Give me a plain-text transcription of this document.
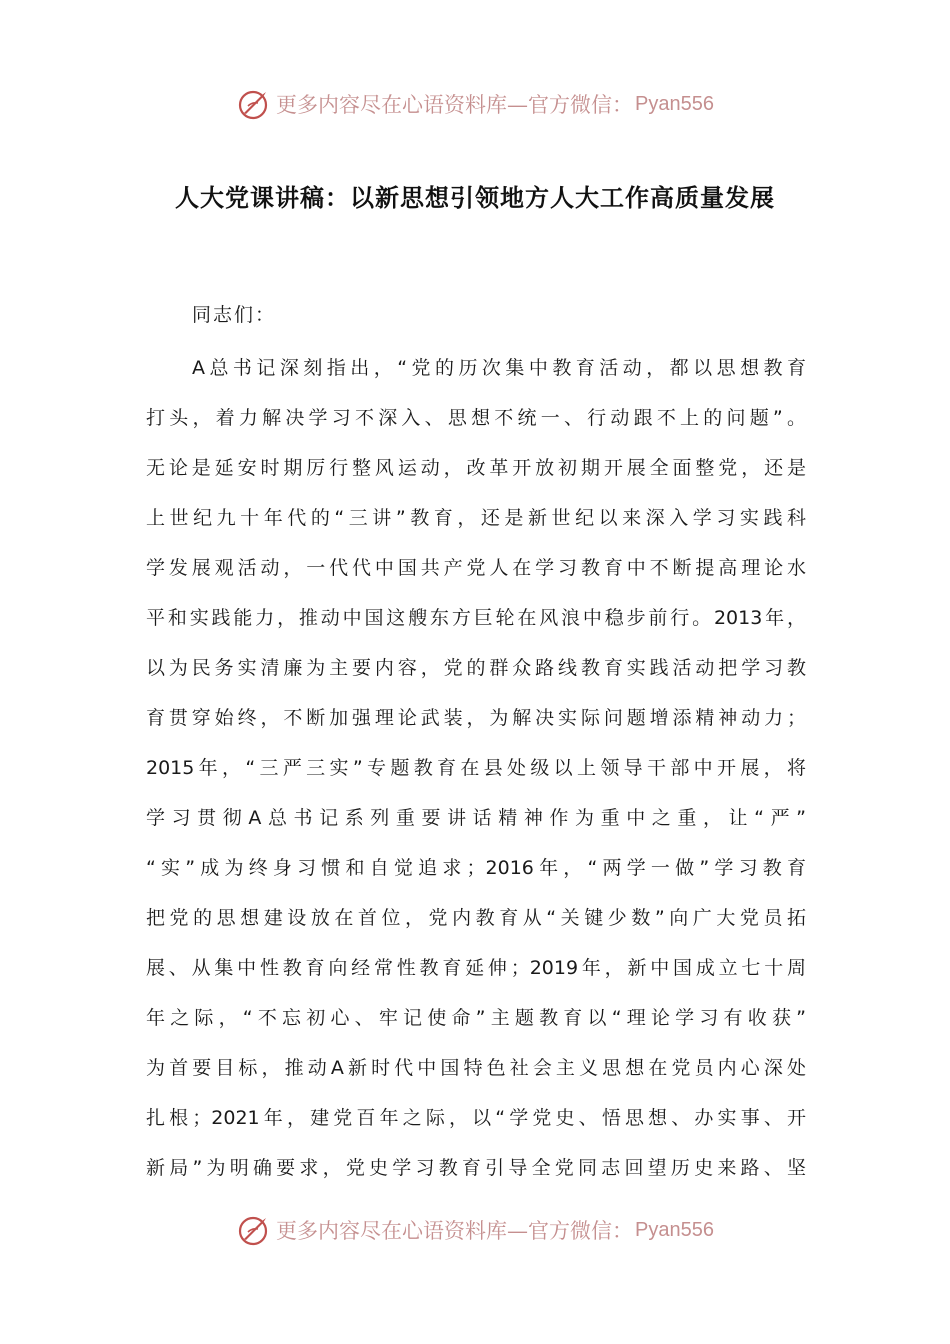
更多内容尽在心语资料库—官方微信： Pyan556
人大党课讲稿：以新思想引领地方人大工作高质量发展
同志们：
A总书记深刻指出，“党的历次集中教育活动，都以思想教育
打头，着力解决学习不深入、思想不统一、行动跟不上的问题”。
无论是延安时期厉行整风运动，改革开放初期开展全面整党，还是
上世纪九十年代的“三讲”教育，还是新世纪以来深入学习实践科
学发展观活动，一代代中国共产党人在学习教育中不断提高理论水
平和实践能力，推动中国这艘东方巨轮在风浪中稳步前行。2013年，
以为民务实清廉为主要内容，党的群众路线教育实践活动把学习教
育贯穿始终，不断加强理论武装，为解决实际问题增添精神动力；
2015年，“三严三实”专题教育在县处级以上领导干部中开展，将
学习贯彻A总书记系列重要讲话精神作为重中之重，让“严”
“实”成为终身习惯和自觉追求；2016年，“两学一做”学习教育
把党的思想建设放在首位，党内教育从“关键少数”向广大党员拓
展、从集中性教育向经常性教育延伸；2019年，新中国成立七十周
年之际，“不忘初心、牢记使命”主题教育以“理论学习有收获”
为首要目标，推动A新时代中国特色社会主义思想在党员内心深处
扎根；2021年，建党百年之际，以“学党史、悟思想、办实事、开
新局”为明确要求，党史学习教育引导全党同志回望历史来路、坚
更多内容尽在心语资料库—官方微信： Pyan556
